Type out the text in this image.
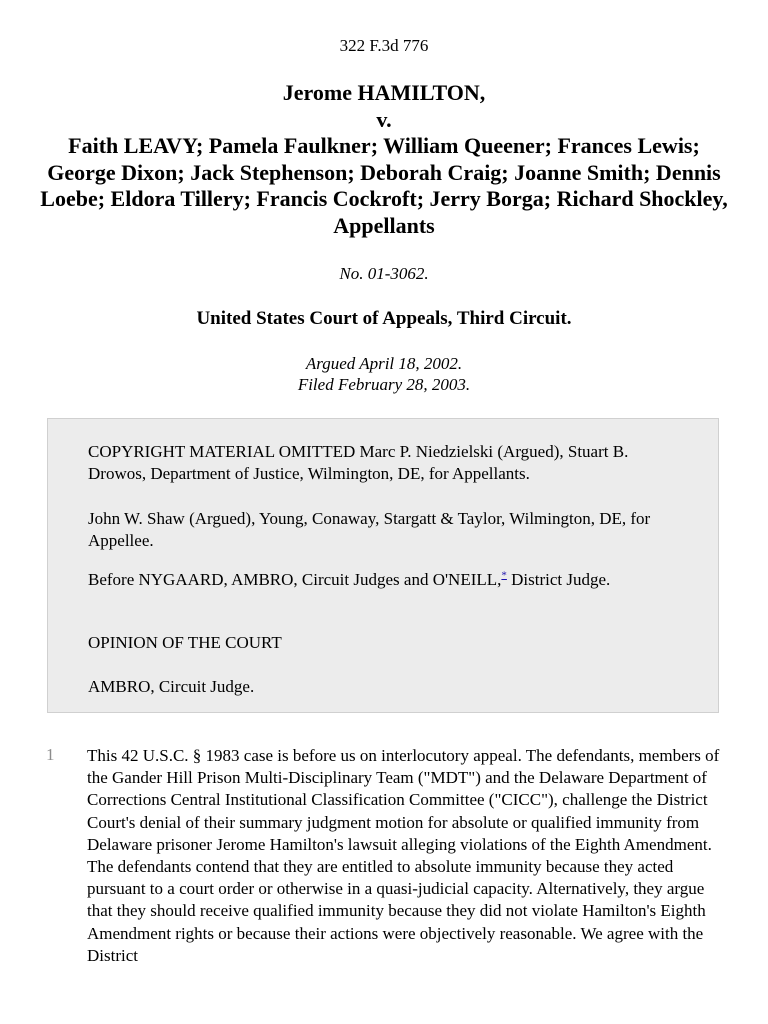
322 F.3d 776
Jerome HAMILTON,
v.
Faith LEAVY; Pamela Faulkner; William Queener; Frances Lewis; George Dixon; Jack Stephenson; Deborah Craig; Joanne Smith; Dennis Loebe; Eldora Tillery; Francis Cockroft; Jerry Borga; Richard Shockley, Appellants
No. 01-3062.
United States Court of Appeals, Third Circuit.
Argued April 18, 2002.
Filed February 28, 2003.

COPYRIGHT MATERIAL OMITTED Marc P. Niedzielski (Argued), Stuart B. Drowos, Department of Justice, Wilmington, DE, for Appellants.

John W. Shaw (Argued), Young, Conaway, Stargatt & Taylor, Wilmington, DE, for Appellee.

Before NYGAARD, AMBRO, Circuit Judges and O'NEILL,* District Judge.

OPINION OF THE COURT

AMBRO, Circuit Judge.

1 This 42 U.S.C. § 1983 case is before us on interlocutory appeal. The defendants, members of the Gander Hill Prison Multi-Disciplinary Team ("MDT") and the Delaware Department of Corrections Central Institutional Classification Committee ("CICC"), challenge the District Court's denial of their summary judgment motion for absolute or qualified immunity from Delaware prisoner Jerome Hamilton's lawsuit alleging violations of the Eighth Amendment. The defendants contend that they are entitled to absolute immunity because they acted pursuant to a court order or otherwise in a quasi-judicial capacity. Alternatively, they argue that they should receive qualified immunity because they did not violate Hamilton's Eighth Amendment rights or because their actions were objectively reasonable. We agree with the District
